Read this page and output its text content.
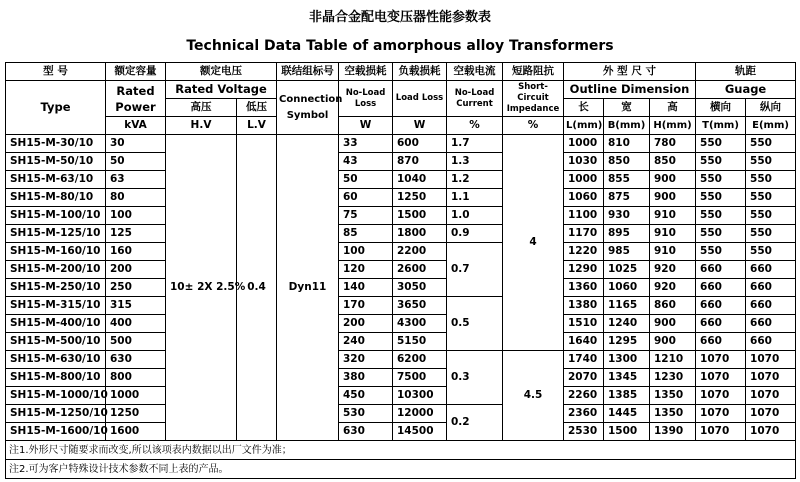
非晶合金配电变压器性能参数表
Technical Data Table of amorphous alloy Transformers
型 号	额定容量	额定电压		联结组标号	空载损耗	负载损耗	空载电流	短路阻抗	外 型 尺 寸			轨距	
Type	Rated Power	Rated Voltage		Connection Symbol	No-Load Loss	Load Loss	No-Load Current	Short-Circuit Impedance	Outline Dimension			Guage	
		高压	低压						长	宽	高	横向	纵向
	kVA	H.V	L.V		W	W	%	%	L(mm)	B(mm)	H(mm)	T(mm)	E(mm)
SH15-M-30/10	30	10± 2X 2.5%	0.4	Dyn11	33	600	1.7	4	1000	810	780	550	550
SH15-M-50/10	50				43	870	1.3		1030	850	850	550	550
SH15-M-63/10	63				50	1040	1.2		1000	855	900	550	550
SH15-M-80/10	80				60	1250	1.1		1060	875	900	550	550
SH15-M-100/10	100				75	1500	1.0		1100	930	910	550	550
SH15-M-125/10	125				85	1800	0.9		1170	895	910	550	550
SH15-M-160/10	160				100	2200	0.7		1220	985	910	550	550
SH15-M-200/10	200				120	2600			1290	1025	920	660	660
SH15-M-250/10	250				140	3050			1360	1060	920	660	660
SH15-M-315/10	315				170	3650	0.5		1380	1165	860	660	660
SH15-M-400/10	400				200	4300			1510	1240	900	660	660
SH15-M-500/10	500				240	5150			1640	1295	900	660	660
SH15-M-630/10	630				320	6200	0.3	4.5	1740	1300	1210	1070	1070
SH15-M-800/10	800				380	7500			2070	1345	1230	1070	1070
SH15-M-1000/10	1000				450	10300			2260	1385	1350	1070	1070
SH15-M-1250/10	1250				530	12000	0.2		2360	1445	1350	1070	1070
SH15-M-1600/10	1600				630	14500			2530	1500	1390	1070	1070
注1.外形尺寸随要求而改变,所以该项表内数据以出厂文件为准；													
注2.可为客户特殊设计技术参数不同上表的产品。													
